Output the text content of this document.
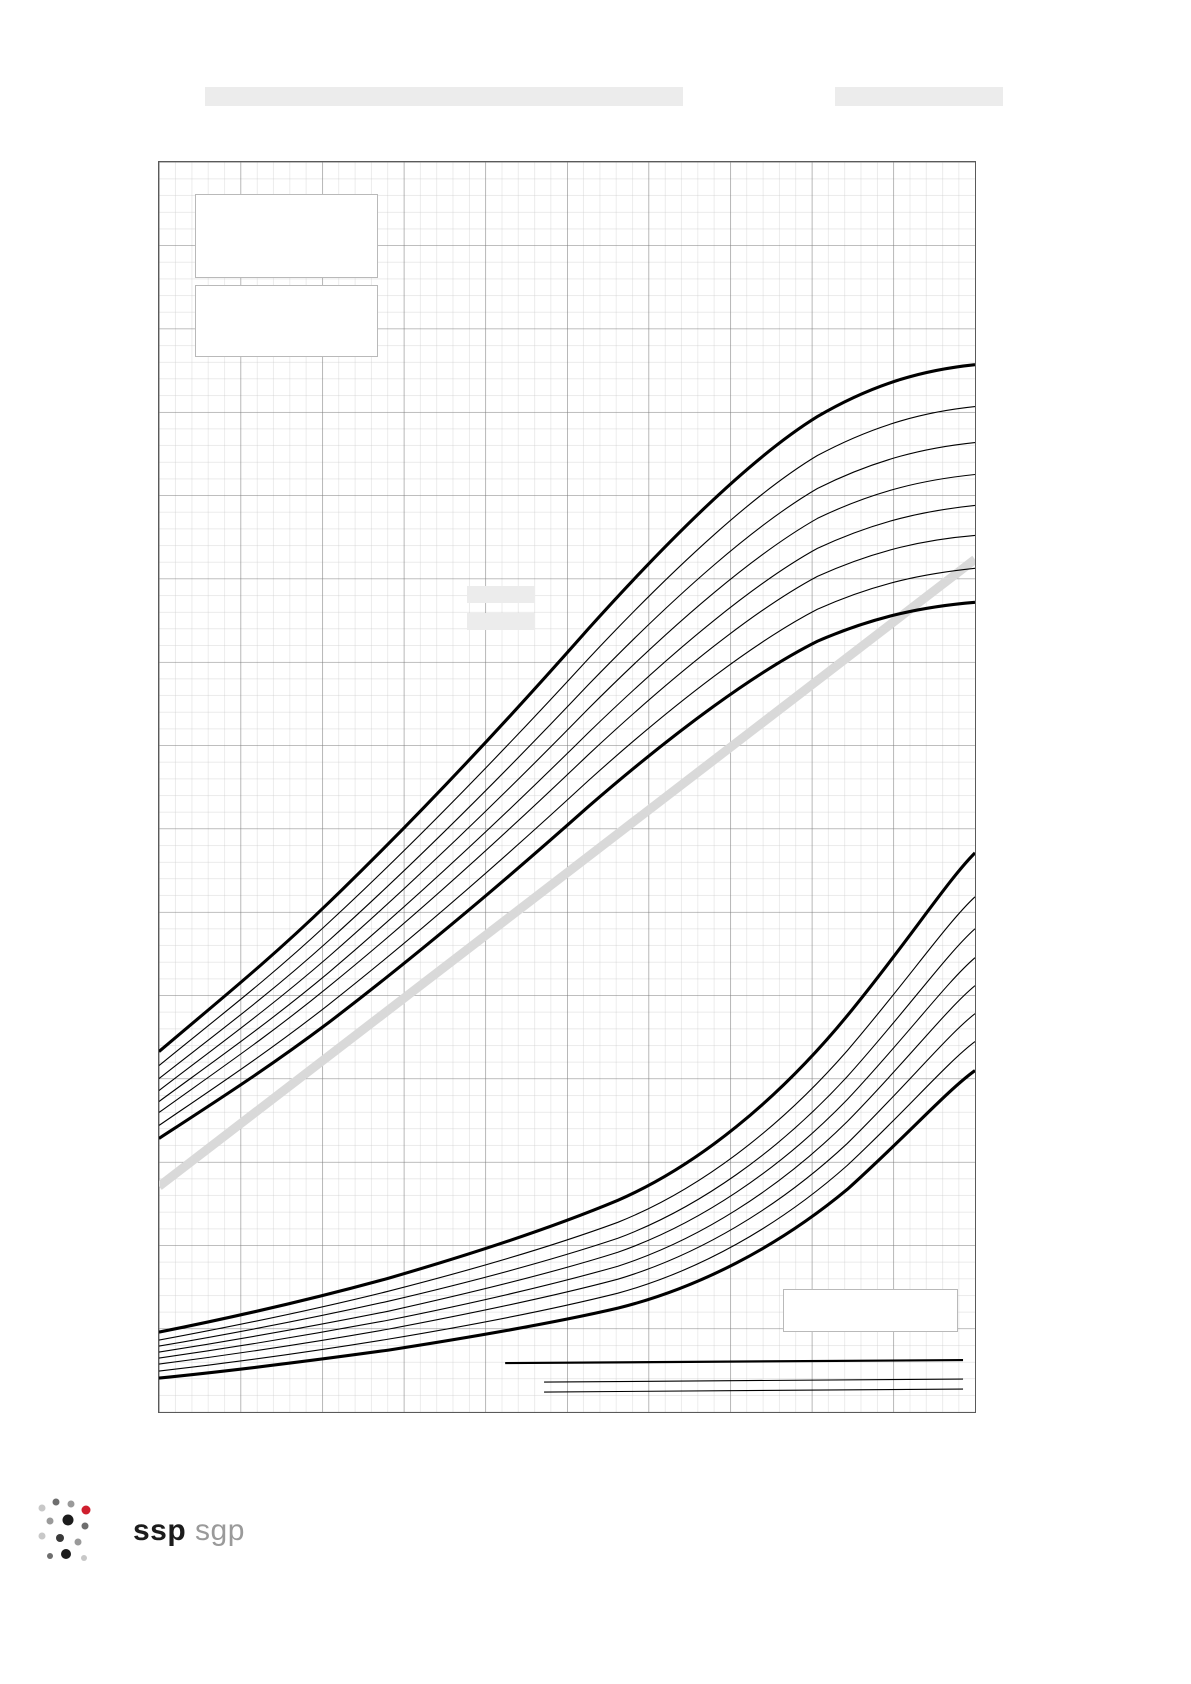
ssp sgp
